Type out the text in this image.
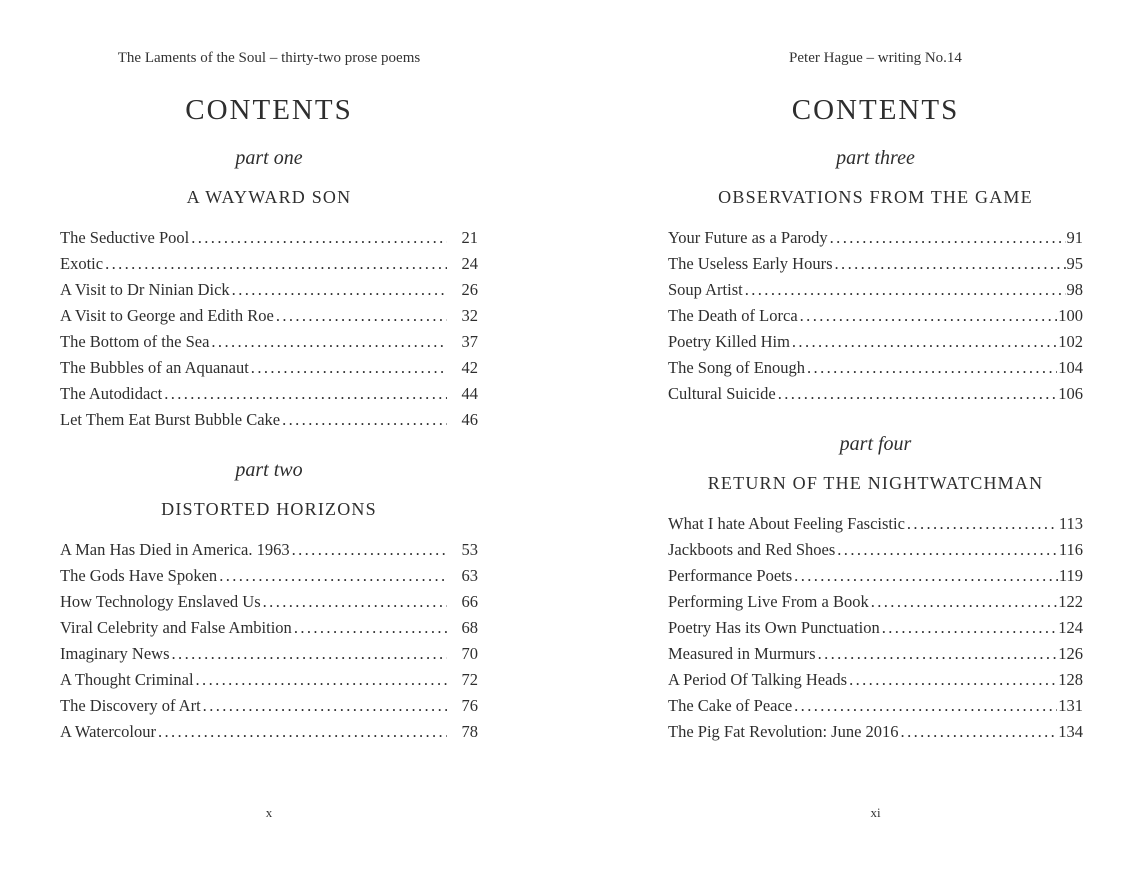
The Laments of the Soul – thirty-two prose poems
CONTENTS
part one
A WAYWARD SON
The Seductive Pool .....	21
Exotic .....	24
A Visit to Dr Ninian Dick .....	26
A Visit to George and Edith Roe .....	32
The Bottom of the Sea .....	37
The Bubbles of an Aquanaut .....	42
The Autodidact .....	44
Let Them Eat Burst Bubble Cake .....	46
part two
DISTORTED HORIZONS
A Man Has Died in America. 1963 .....	53
The Gods Have Spoken .....	63
How Technology Enslaved Us .....	66
Viral Celebrity and False Ambition .....	68
Imaginary News .....	70
A Thought Criminal .....	72
The Discovery of Art .....	76
A Watercolour .....	78
x
Peter Hague – writing No.14
CONTENTS
part three
OBSERVATIONS FROM THE GAME
Your Future as a Parody .....	91
The Useless Early Hours .....	95
Soup Artist .....	98
The Death of Lorca .....	100
Poetry Killed Him .....	102
The Song of Enough .....	104
Cultural Suicide .....	106
part four
RETURN OF THE NIGHTWATCHMAN
What I hate About Feeling Fascistic .....	113
Jackboots and Red Shoes .....	116
Performance Poets .....	119
Performing Live From a Book .....	122
Poetry Has its Own Punctuation .....	124
Measured in Murmurs .....	126
A Period Of Talking Heads .....	128
The Cake of Peace .....	131
The Pig Fat Revolution: June 2016 .....	134
xi
